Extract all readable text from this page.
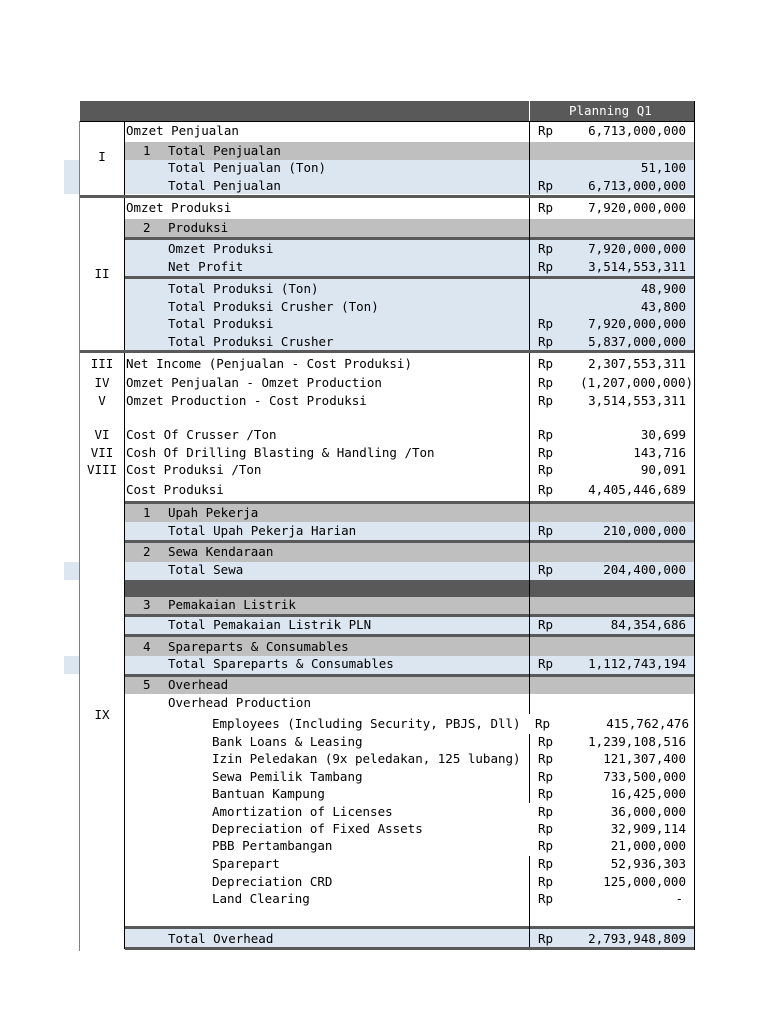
Planning Q1
I
Omzet Penjualan	Rp	6,713,000,000
1 Total Penjualan
Total Penjualan (Ton)	51,100
Total Penjualan	Rp	6,713,000,000
II
Omzet Produksi	Rp	7,920,000,000
2 Produksi
Omzet Produksi	Rp	7,920,000,000
Net Profit	Rp	3,514,553,311
Total Produksi (Ton)	48,900
Total Produksi Crusher (Ton)	43,800
Total Produksi	Rp	7,920,000,000
Total Produksi Crusher	Rp	5,837,000,000
III	Net Income (Penjualan - Cost Produksi)	Rp	2,307,553,311
IV	Omzet Penjualan - Omzet Production	Rp	(1,207,000,000)
V	Omzet Production - Cost Produksi	Rp	3,514,553,311
VI	Cost Of Crusser /Ton	Rp	30,699
VII	Cosh Of Drilling Blasting & Handling /Ton	Rp	143,716
VIII Cost Produksi /Ton	Rp	90,091
Cost Produksi	Rp	4,405,446,689
IX
1 Upah Pekerja
Total Upah Pekerja Harian	Rp	210,000,000
2 Sewa Kendaraan
Total Sewa	Rp	204,400,000
3 Pemakaian Listrik
Total Pemakaian Listrik PLN	Rp	84,354,686
4 Spareparts & Consumables
Total Spareparts & Consumables	Rp	1,112,743,194
5 Overhead
Overhead Production
Employees (Including Security, PBJS, Dll) Rp	415,762,476
Bank Loans & Leasing	Rp	1,239,108,516
Izin Peledakan (9x peledakan, 125 lubang) Rp	121,307,400
Sewa Pemilik Tambang	Rp	733,500,000
Bantuan Kampung	Rp	16,425,000
Amortization of Licenses	Rp	36,000,000
Depreciation of Fixed Assets	Rp	32,909,114
PBB Pertambangan	Rp	21,000,000
Sparepart	Rp	52,936,303
Depreciation CRD	Rp	125,000,000
Land Clearing	Rp	-
Total Overhead	Rp	2,793,948,809
